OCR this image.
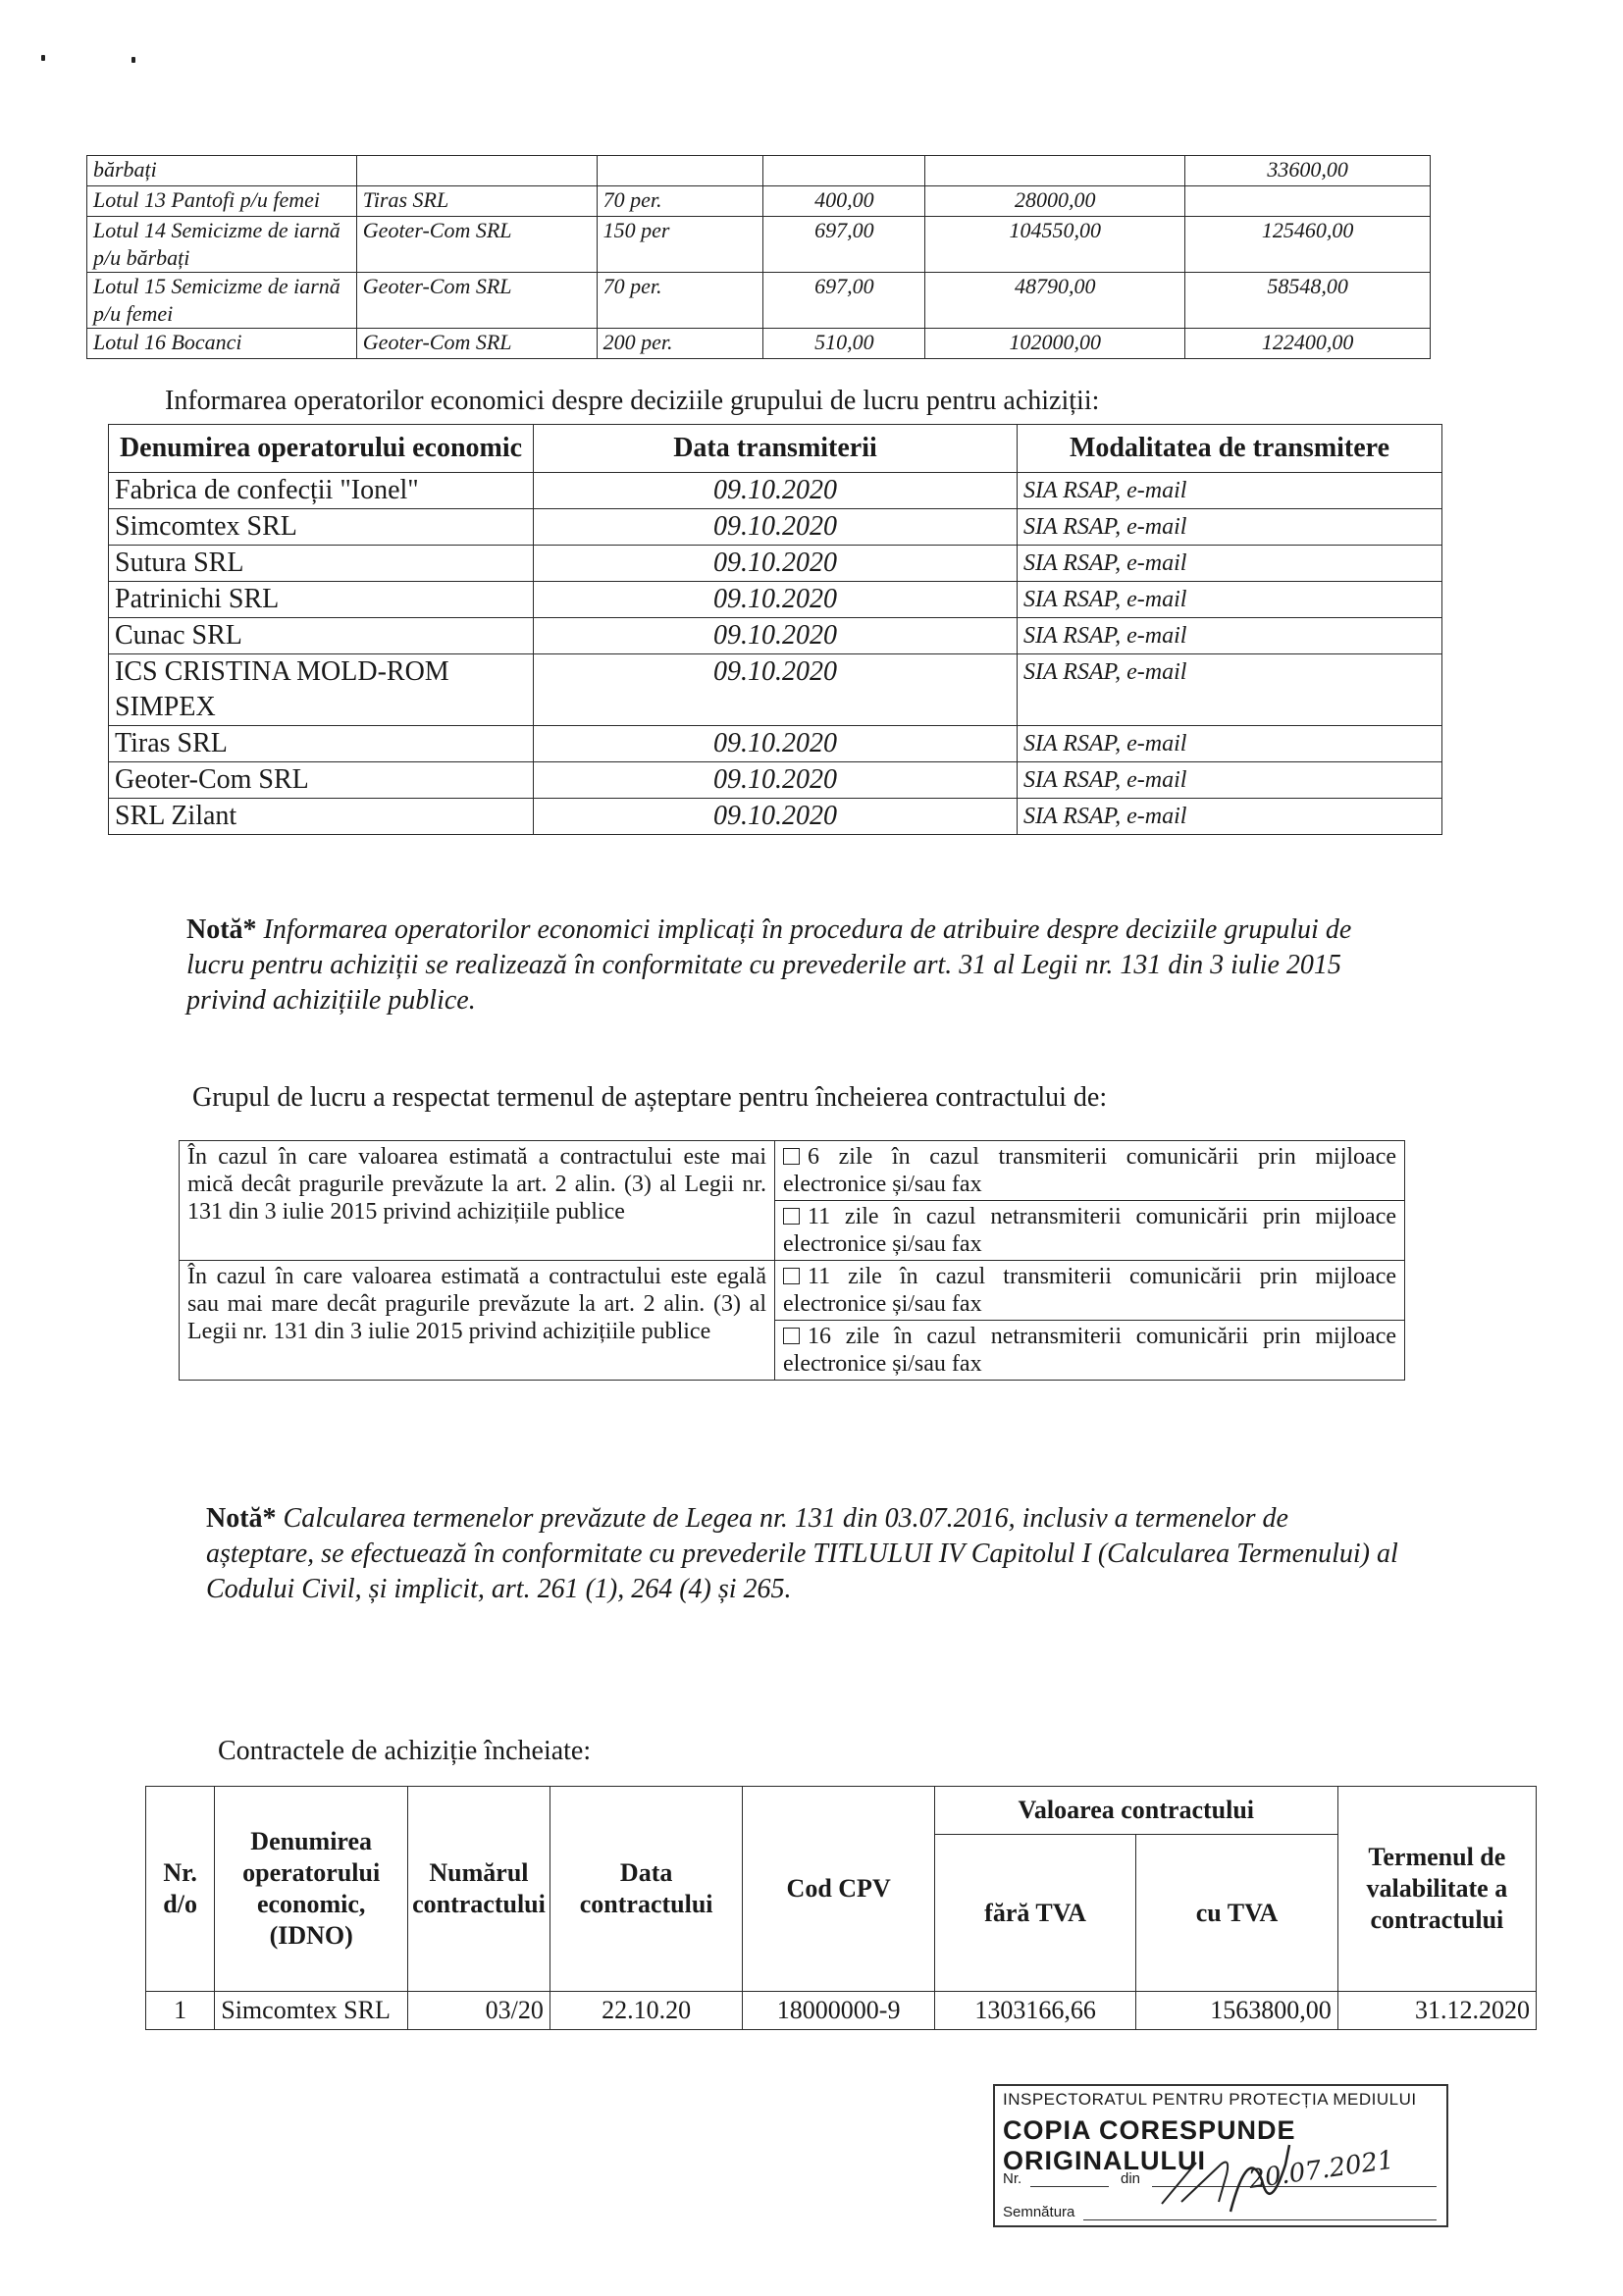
bărbați					33600,00
Lotul 13 Pantofi p/u femei	Tiras SRL	70 per.	400,00	28000,00	
Lotul 14 Semicizme de iarnă p/u bărbați	Geoter-Com SRL	150 per	697,00	104550,00	125460,00
Lotul 15 Semicizme de iarnă p/u femei	Geoter-Com SRL	70 per.	697,00	48790,00	58548,00
Lotul 16 Bocanci	Geoter-Com SRL	200 per.	510,00	102000,00	122400,00
Informarea operatorilor economici despre deciziile grupului de lucru pentru achiziții:
Denumirea operatorului economic	Data transmiterii	Modalitatea de transmitere
Fabrica de confecții "Ionel"	09.10.2020	SIA RSAP, e-mail
Simcomtex SRL	09.10.2020	SIA RSAP, e-mail
Sutura SRL	09.10.2020	SIA RSAP, e-mail
Patrinichi SRL	09.10.2020	SIA RSAP, e-mail
Cunac SRL	09.10.2020	SIA RSAP, e-mail
ICS CRISTINA MOLD-ROM SIMPEX	09.10.2020	SIA RSAP, e-mail
Tiras SRL	09.10.2020	SIA RSAP, e-mail
Geoter-Com SRL	09.10.2020	SIA RSAP, e-mail
SRL Zilant	09.10.2020	SIA RSAP, e-mail
Notă* Informarea operatorilor economici implicați în procedura de atribuire despre deciziile grupului de lucru pentru achiziții se realizează în conformitate cu prevederile art. 31 al Legii nr. 131 din 3 iulie 2015 privind achizițiile publice.
Grupul de lucru a respectat termenul de așteptare pentru încheierea contractului de:
În cazul în care valoarea estimată a contractului este mai mică decât pragurile prevăzute la art. 2 alin. (3) al Legii nr. 131 din 3 iulie 2015 privind achizițiile publice	6 zile în cazul transmiterii comunicării prin mijloace electronice și/sau fax
	11 zile în cazul netransmiterii comunicării prin mijloace electronice și/sau fax
În cazul în care valoarea estimată a contractului este egală sau mai mare decât pragurile prevăzute la art. 2 alin. (3) al Legii nr. 131 din 3 iulie 2015 privind achizițiile publice	11 zile în cazul transmiterii comunicării prin mijloace electronice și/sau fax
	16 zile în cazul netransmiterii comunicării prin mijloace electronice și/sau fax
Notă* Calcularea termenelor prevăzute de Legea nr. 131 din 03.07.2016, inclusiv a termenelor de așteptare, se efectuează în conformitate cu prevederile TITLULUI IV Capitolul I (Calcularea Termenului) al Codului Civil, și implicit, art. 261 (1), 264 (4) și 265.
Contractele de achiziție încheiate:
Nr. d/o	Denumirea operatorului economic, (IDNO)	Numărul contractului	Data contractului	Cod CPV	Valoarea contractului		Termenul de valabilitate a contractului
					fără TVA	cu TVA	
1	Simcomtex SRL	03/20	22.10.20	18000000-9	1303166,66	1563800,00	31.12.2020
INSPECTORATUL PENTRU PROTECȚIA MEDIULUI
COPIA CORESPUNDE ORIGINALULUI
Nr.	din
Semnătura
20.07.2021
